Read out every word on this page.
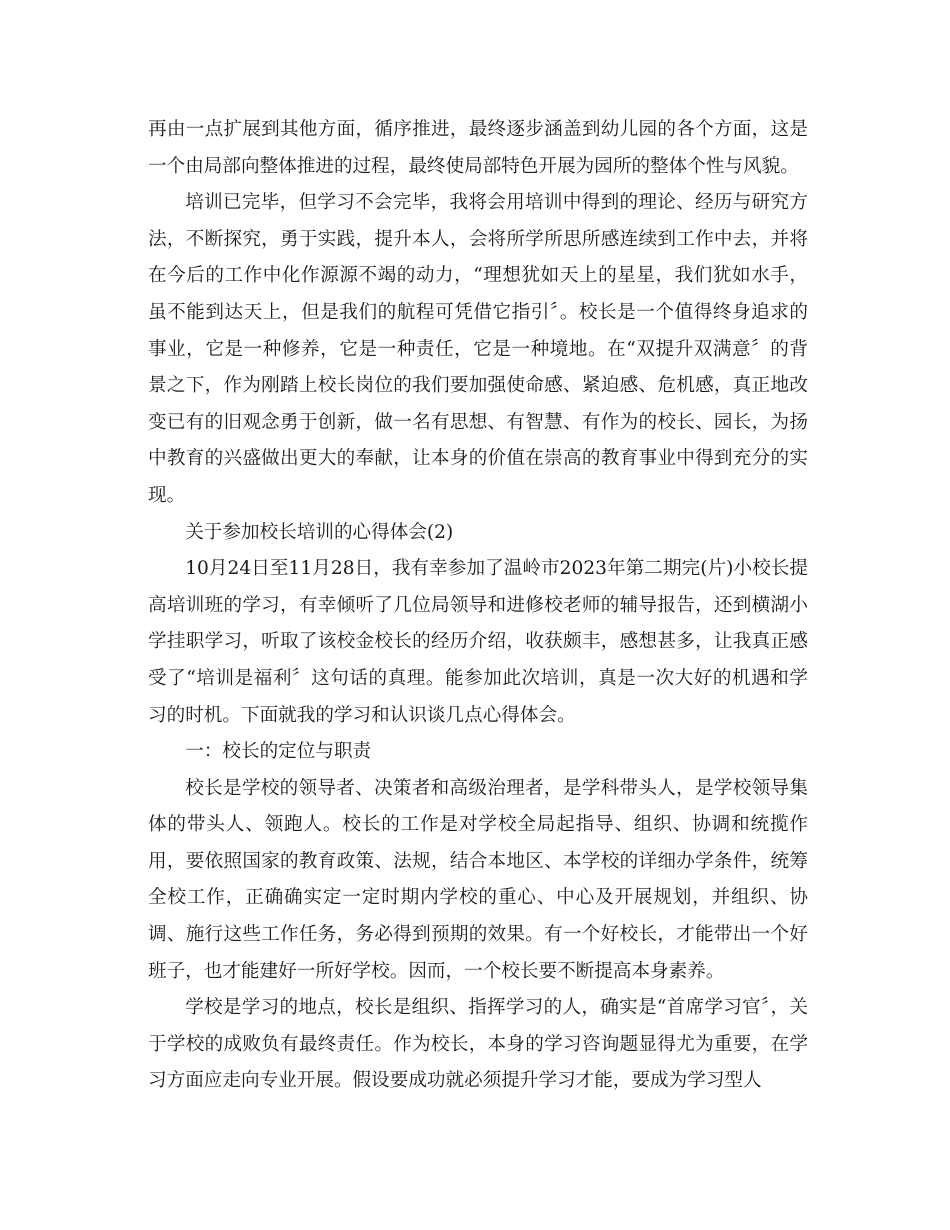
再由一点扩展到其他方面，循序推进，最终逐步涵盖到幼儿园的各个方面，这是一个由局部向整体推进的过程，最终使局部特色开展为园所的整体个性与风貌。

培训已完毕，但学习不会完毕，我将会用培训中得到的理论、经历与研究方法，不断探究，勇于实践，提升本人，会将所学所思所感连续到工作中去，并将在今后的工作中化作源源不竭的动力，“理想犹如天上的星星，我们犹如水手，虽不能到达天上，但是我们的航程可凭借它指引〞。校长是一个值得终身追求的事业，它是一种修养，它是一种责任，它是一种境地。在“双提升双满意〞的背景之下，作为刚踏上校长岗位的我们要加强使命感、紧迫感、危机感，真正地改变已有的旧观念勇于创新，做一名有思想、有智慧、有作为的校长、园长，为扬中教育的兴盛做出更大的奉献，让本身的价值在崇高的教育事业中得到充分的实现。

关于参加校长培训的心得体会(2)

10月24日至11月28日，我有幸参加了温岭市2023年第二期完(片)小校长提高培训班的学习，有幸倾听了几位局领导和进修校老师的辅导报告，还到横湖小学挂职学习，听取了该校金校长的经历介绍，收获颇丰，感想甚多，让我真正感受了“培训是福利〞这句话的真理。能参加此次培训，真是一次大好的机遇和学习的时机。下面就我的学习和认识谈几点心得体会。

一：校长的定位与职责

校长是学校的领导者、决策者和高级治理者，是学科带头人，是学校领导集体的带头人、领跑人。校长的工作是对学校全局起指导、组织、协调和统揽作用，要依照国家的教育政策、法规，结合本地区、本学校的详细办学条件，统筹全校工作，正确确实定一定时期内学校的重心、中心及开展规划，并组织、协调、施行这些工作任务，务必得到预期的效果。有一个好校长，才能带出一个好班子，也才能建好一所好学校。因而，一个校长要不断提高本身素养。

学校是学习的地点，校长是组织、指挥学习的人，确实是“首席学习官〞，关于学校的成败负有最终责任。作为校长，本身的学习咨询题显得尤为重要，在学习方面应走向专业开展。假设要成功就必须提升学习才能，要成为学习型人
